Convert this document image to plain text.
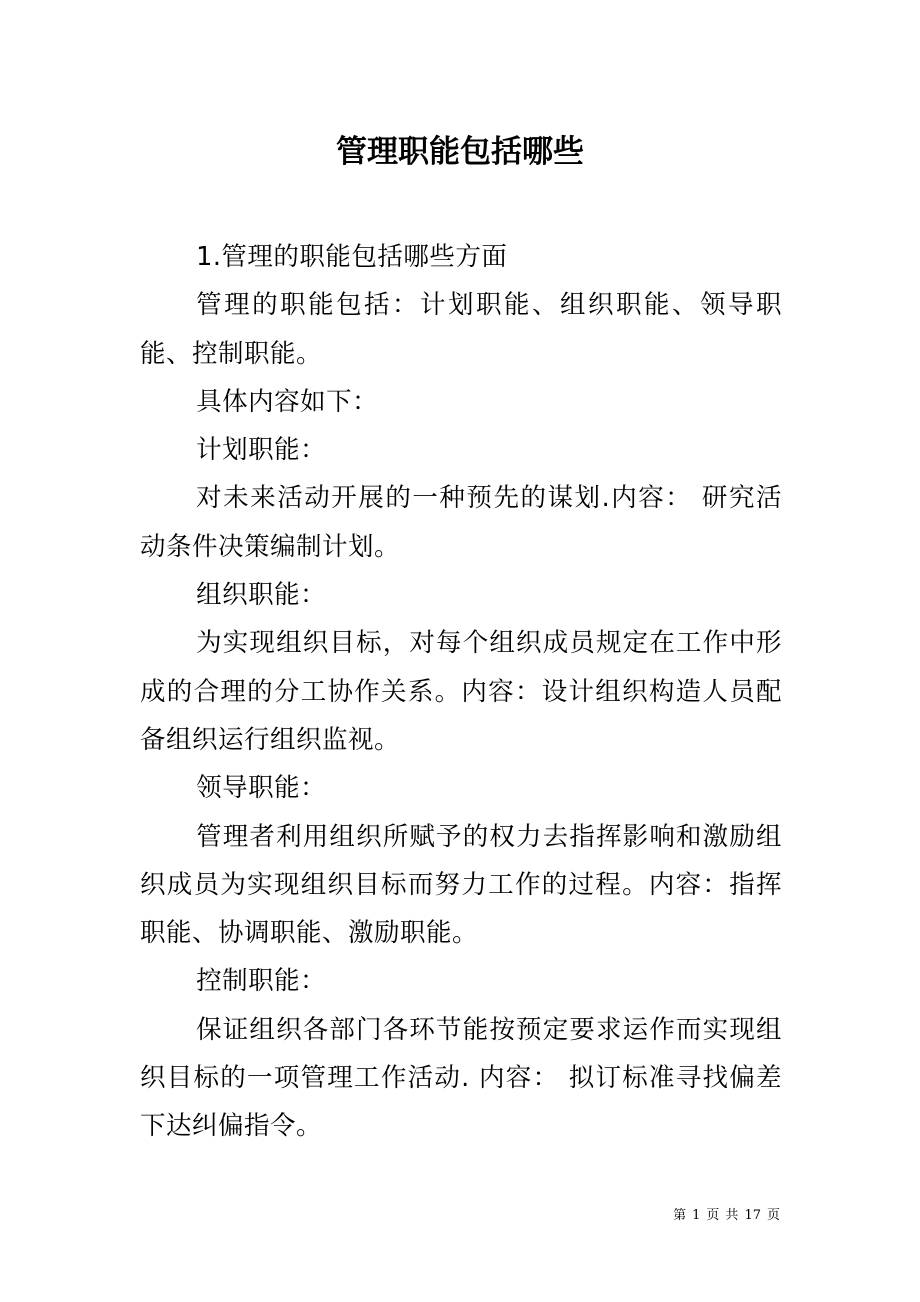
管理职能包括哪些

1.管理的职能包括哪些方面

管理的职能包括：计划职能、组织职能、领导职能、控制职能。

具体内容如下：

计划职能：

对未来活动开展的一种预先的谋划.内容： 研究活动条件决策编制计划。

组织职能：

为实现组织目标，对每个组织成员规定在工作中形成的合理的分工协作关系。内容：设计组织构造人员配备组织运行组织监视。

领导职能：

管理者利用组织所赋予的权力去指挥影响和激励组织成员为实现组织目标而努力工作的过程。内容：指挥职能、协调职能、激励职能。

控制职能：

保证组织各部门各环节能按预定要求运作而实现组织目标的一项管理工作活动. 内容： 拟订标准寻找偏差下达纠偏指令。

第 1 页 共 17 页
